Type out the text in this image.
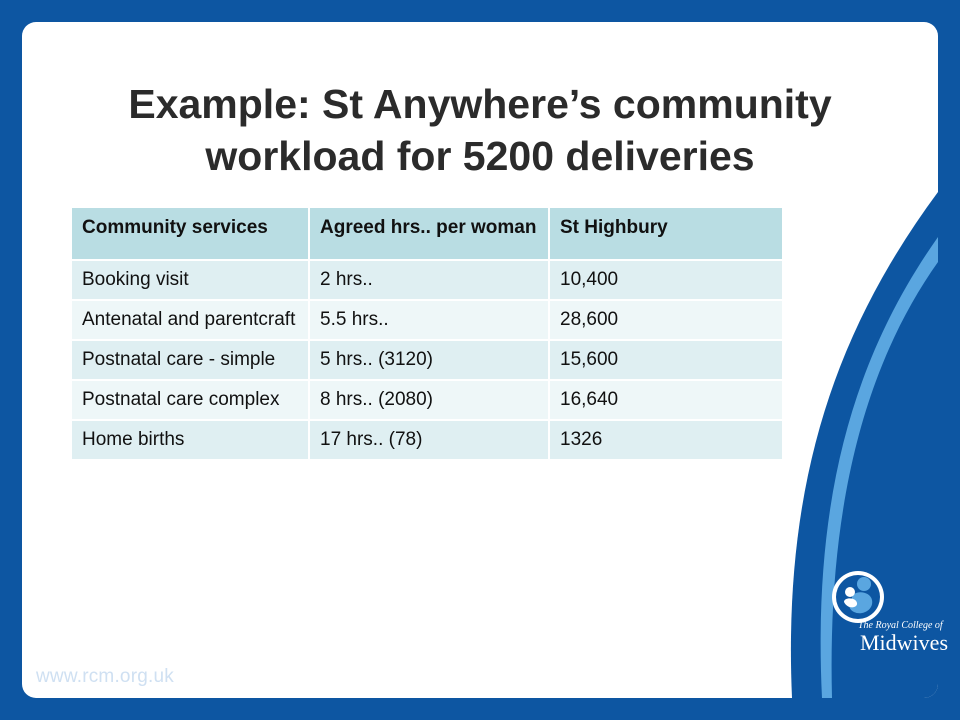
Example: St Anywhere’s community
workload for 5200 deliveries
Community services	Agreed hrs.. per woman	St Highbury
Booking visit	2 hrs..	10,400
Antenatal and parentcraft	5.5 hrs..	28,600
Postnatal care - simple	5 hrs.. (3120)	15,600
Postnatal care complex	8 hrs.. (2080)	16,640
Home births	17 hrs.. (78)	1326
www.rcm.org.uk
The Royal College of
Midwives
